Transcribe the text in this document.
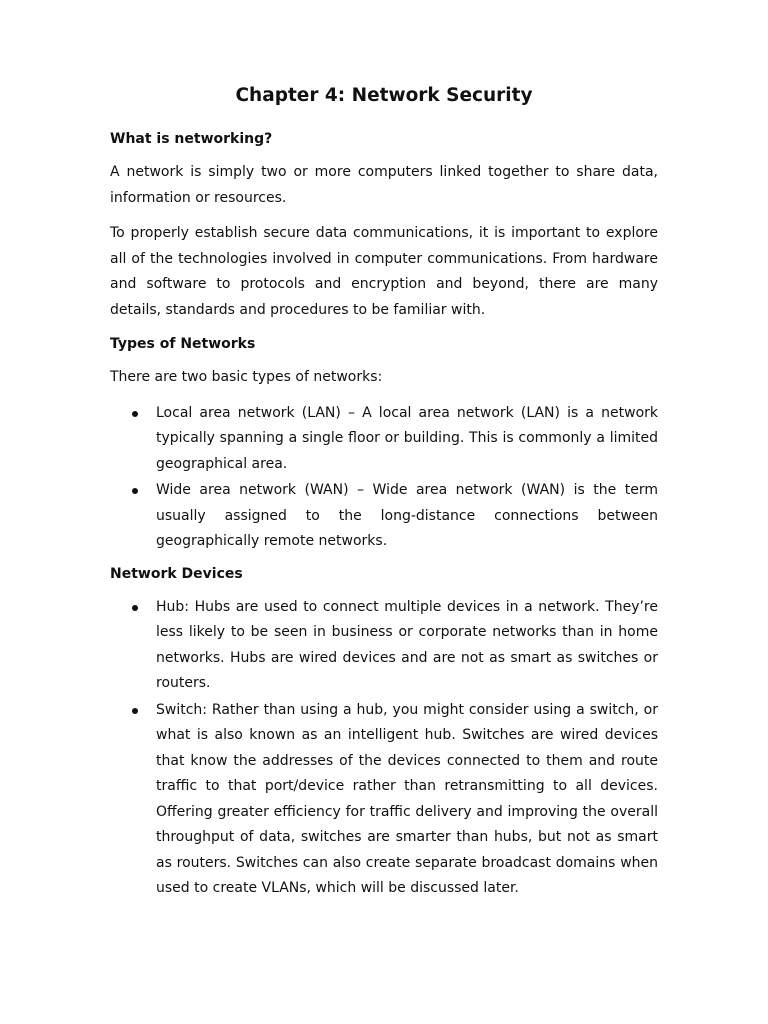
Chapter 4: Network Security
What is networking?

A network is simply two or more computers linked together to share data, information or resources.

To properly establish secure data communications, it is important to explore all of the technologies involved in computer communications. From hardware and software to protocols and encryption and beyond, there are many details, standards and procedures to be familiar with.

Types of Networks

There are two basic types of networks:

Local area network (LAN) – A local area network (LAN) is a network typically spanning a single floor or building. This is commonly a limited geographical area.
Wide area network (WAN) – Wide area network (WAN) is the term usually assigned to the long-distance connections between geographically remote networks.
Network Devices
Hub: Hubs are used to connect multiple devices in a network. They’re less likely to be seen in business or corporate networks than in home networks. Hubs are wired devices and are not as smart as switches or routers.
Switch: Rather than using a hub, you might consider using a switch, or what is also known as an intelligent hub. Switches are wired devices that know the addresses of the devices connected to them and route traffic to that port/device rather than retransmitting to all devices. Offering greater efficiency for traffic delivery and improving the overall throughput of data, switches are smarter than hubs, but not as smart as routers. Switches can also create separate broadcast domains when used to create VLANs, which will be discussed later.
